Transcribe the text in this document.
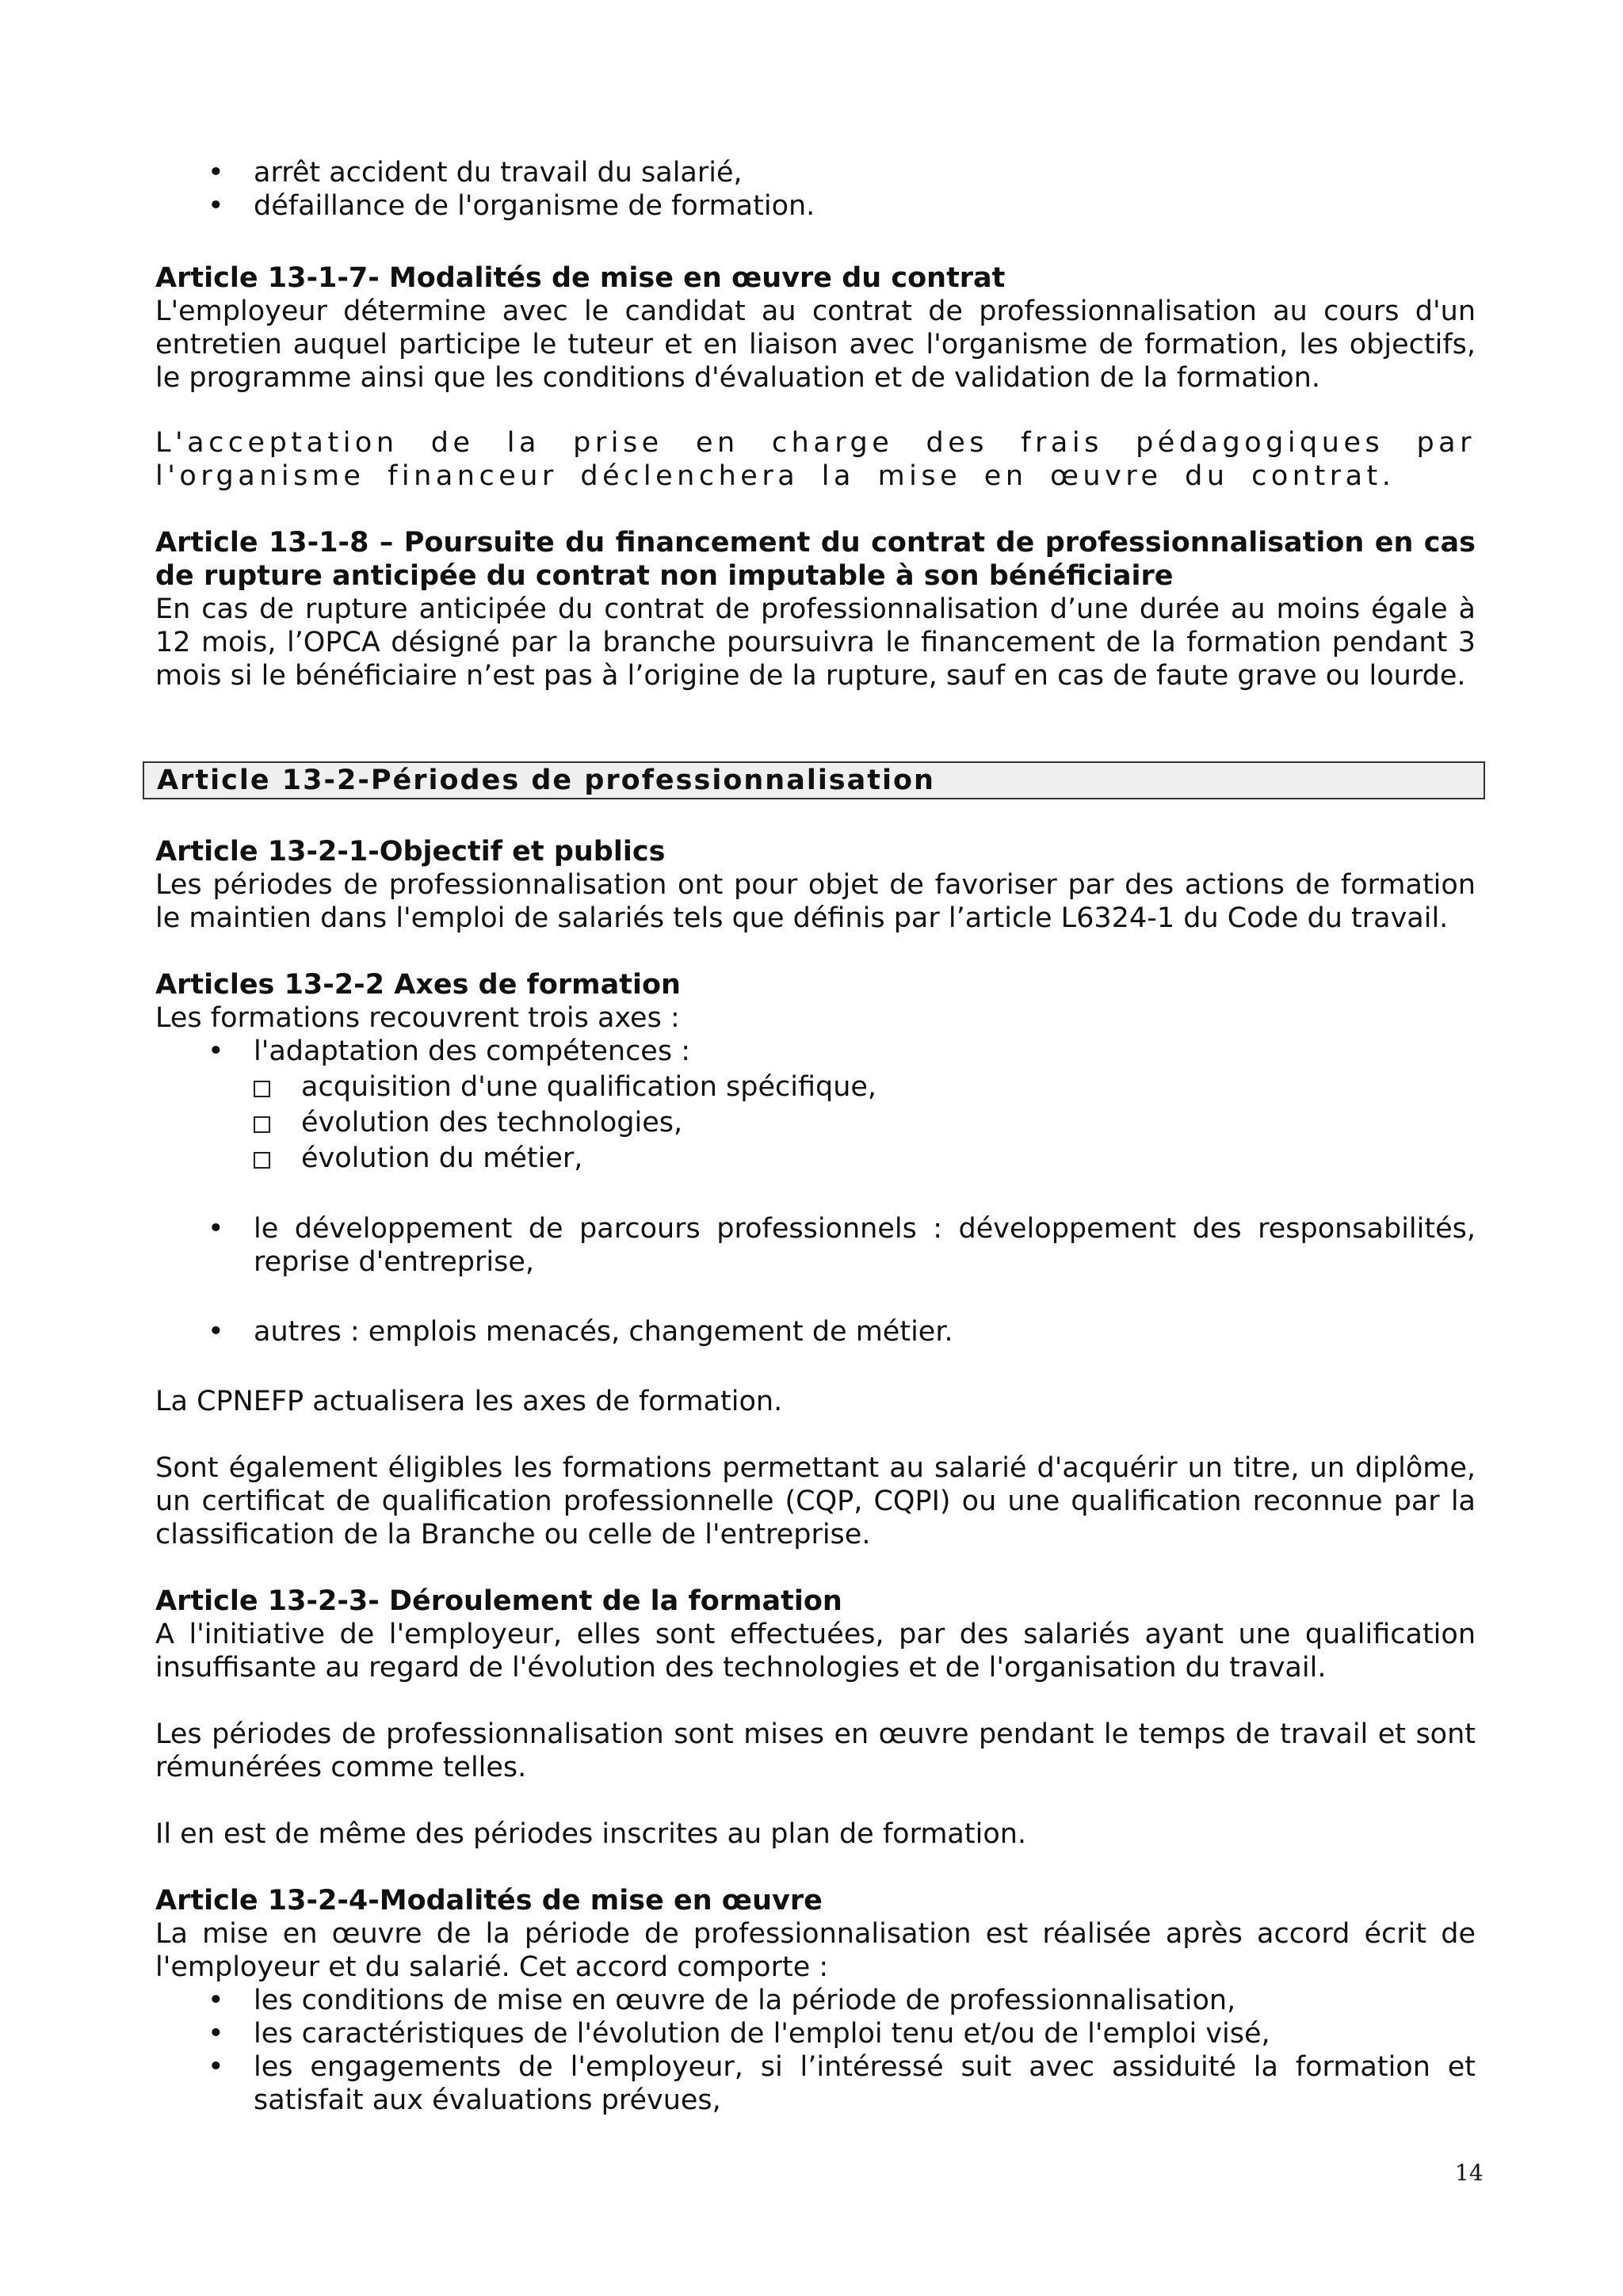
• arrêt accident du travail du salarié,
• défaillance de l'organisme de formation.

Article 13-1-7- Modalités de mise en œuvre du contrat

L'employeur détermine avec le candidat au contrat de professionnalisation au cours d'un entretien auquel participe le tuteur et en liaison avec l'organisme de formation, les objectifs, le programme ainsi que les conditions d'évaluation et de validation de la formation.

L'acceptation de la prise en charge des frais pédagogiques par l'organisme financeur déclenchera la mise en œuvre du contrat.

Article 13-1-8 – Poursuite du financement du contrat de professionnalisation en cas de rupture anticipée du contrat non imputable à son bénéficiaire

En cas de rupture anticipée du contrat de professionnalisation d’une durée au moins égale à 12 mois, l’OPCA désigné par la branche poursuivra le financement de la formation pendant 3 mois si le bénéficiaire n’est pas à l’origine de la rupture, sauf en cas de faute grave ou lourde.

Article 13-2-Périodes de professionnalisation

Article 13-2-1-Objectif et publics

Les périodes de professionnalisation ont pour objet de favoriser par des actions de formation le maintien dans l'emploi de salariés tels que définis par l’article L6324-1 du Code du travail.

Articles 13-2-2 Axes de formation

Les formations recouvrent trois axes :

• l'adaptation des compétences :
acquisition d'une qualification spécifique,
évolution des technologies,
évolution du métier,
• le développement de parcours professionnels : développement des responsabilités, reprise d'entreprise,
• autres : emplois menacés, changement de métier.

La CPNEFP actualisera les axes de formation.

Sont également éligibles les formations permettant au salarié d'acquérir un titre, un diplôme, un certificat de qualification professionnelle (CQP, CQPI) ou une qualification reconnue par la classification de la Branche ou celle de l'entreprise.

Article 13-2-3- Déroulement de la formation

A l'initiative de l'employeur, elles sont effectuées, par des salariés ayant une qualification insuffisante au regard de l'évolution des technologies et de l'organisation du travail.

Les périodes de professionnalisation sont mises en œuvre pendant le temps de travail et sont rémunérées comme telles.

Il en est de même des périodes inscrites au plan de formation.

Article 13-2-4-Modalités de mise en œuvre

La mise en œuvre de la période de professionnalisation est réalisée après accord écrit de l'employeur et du salarié. Cet accord comporte :

• les conditions de mise en œuvre de la période de professionnalisation,
• les caractéristiques de l'évolution de l'emploi tenu et/ou de l'emploi visé,
• les engagements de l'employeur, si l’intéressé suit avec assiduité la formation et satisfait aux évaluations prévues,
14
